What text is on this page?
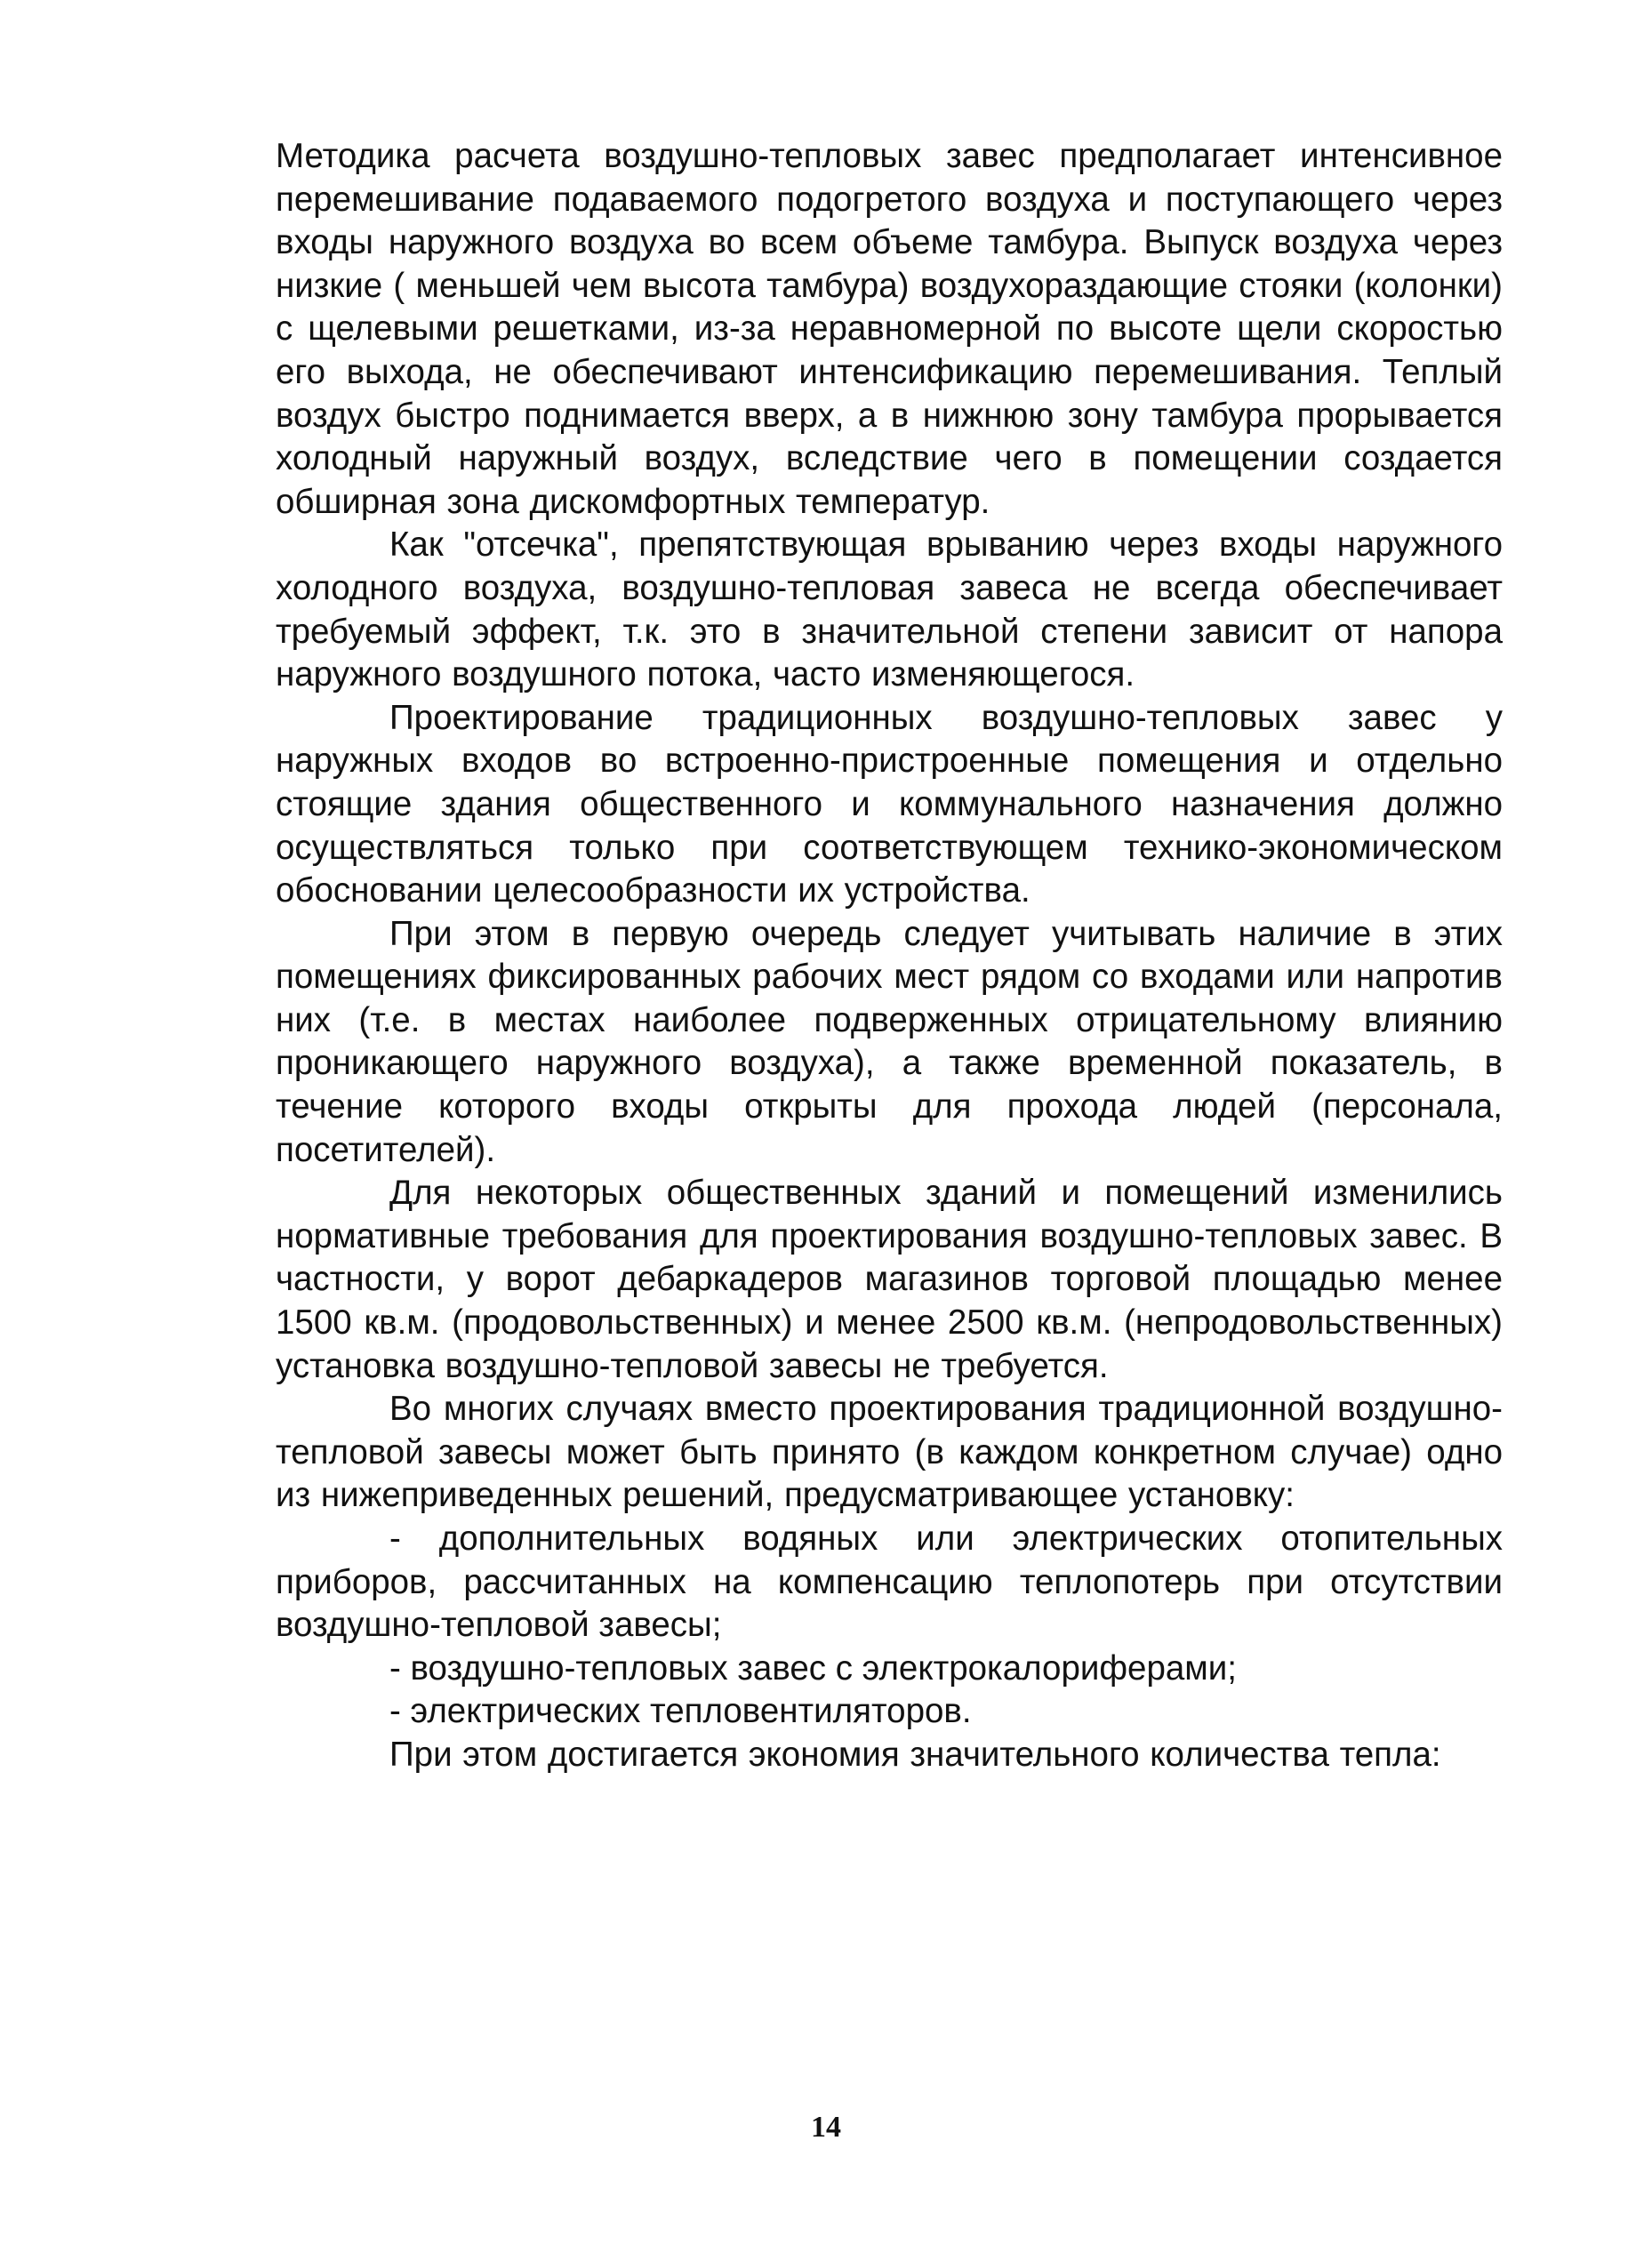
Методика расчета воздушно-тепловых завес предполагает интенсивное перемешивание подаваемого подогретого воздуха и поступающего через входы наружного воздуха во всем объеме тамбура. Выпуск воздуха через низкие ( меньшей чем высота тамбура) воздухораздающие стояки (колонки) с щелевыми решетками, из-за неравномерной по высоте щели скоростью его выхода, не обеспечивают интенсификацию перемешивания. Теплый воздух быстро поднимается вверх, а в нижнюю зону тамбура прорывается холодный наружный воздух, вследствие чего в помещении создается обширная зона дискомфортных температур.

Как "отсечка", препятствующая врыванию через входы наружного холодного воздуха, воздушно-тепловая завеса не всегда обеспечивает требуемый эффект, т.к. это в значительной степени зависит от напора наружного воздушного потока, часто изменяющегося.

Проектирование традиционных воздушно-тепловых завес у наружных входов во встроенно-пристроенные помещения и отдельно стоящие здания общественного и коммунального назначения должно осуществляться только при соответствующем технико-экономическом обосновании целесообразности их устройства.

При этом в первую очередь следует учитывать наличие в этих помещениях фиксированных рабочих мест рядом со входами или напротив них (т.е. в местах наиболее подверженных отрицательному влиянию проникающего наружного воздуха), а также временной показатель, в течение которого входы открыты для прохода людей (персонала, посетителей).

Для некоторых общественных зданий и помещений изменились нормативные требования для проектирования воздушно-тепловых завес. В частности, у ворот дебаркадеров магазинов торговой площадью менее 1500 кв.м. (продовольственных) и менее 2500 кв.м. (непродовольственных) установка воздушно-тепловой завесы не требуется.

Во многих случаях вместо проектирования традиционной воздушно-тепловой завесы может быть принято (в каждом конкретном случае) одно из нижеприведенных решений, предусматривающее установку:

- дополнительных водяных или электрических отопительных приборов, рассчитанных на компенсацию теплопотерь при отсутствии воздушно-тепловой завесы;

- воздушно-тепловых завес с электрокалориферами;

- электрических тепловентиляторов.

При этом достигается экономия значительного количества тепла:

14
